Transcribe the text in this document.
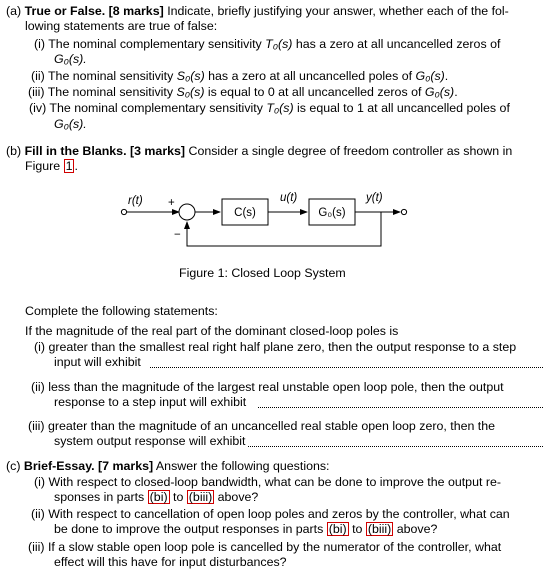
(a) True or False. [8 marks] Indicate, briefly justifying your answer, whether each of the fol-
lowing statements are true of false:
(i) The nominal complementary sensitivity T₀(s) has a zero at all uncancelled zeros of
G₀(s).
(ii) The nominal sensitivity S₀(s) has a zero at all uncancelled poles of G₀(s).
(iii) The nominal sensitivity S₀(s) is equal to 0 at all uncancelled zeros of G₀(s).
(iv) The nominal complementary sensitivity T₀(s) is equal to 1 at all uncancelled poles of
G₀(s).
(b) Fill in the Blanks. [3 marks] Consider a single degree of freedom controller as shown in
Figure 1 .
r(t) +
−
u(t)	y(t)
C(s)	G₀(s)
Figure 1: Closed Loop System
Complete the following statements:
If the magnitude of the real part of the dominant closed-loop poles is
(i) greater than the smallest real right half plane zero, then the output response to a step
input will exhibit
(ii) less than the magnitude of the largest real unstable open loop pole, then the output
response to a step input will exhibit
(iii) greater than the magnitude of an uncancelled real stable open loop zero, then the
system output response will exhibit
(c) Brief-Essay. [7 marks] Answer the following questions:
(i) With respect to closed-loop bandwidth, what can be done to improve the output re-
sponses in parts (bi) to (biii) above?
(ii) With respect to cancellation of open loop poles and zeros by the controller, what can
be done to improve the output responses in parts (bi) to (biii) above?
(iii) If a slow stable open loop pole is cancelled by the numerator of the controller, what
effect will this have for input disturbances?
